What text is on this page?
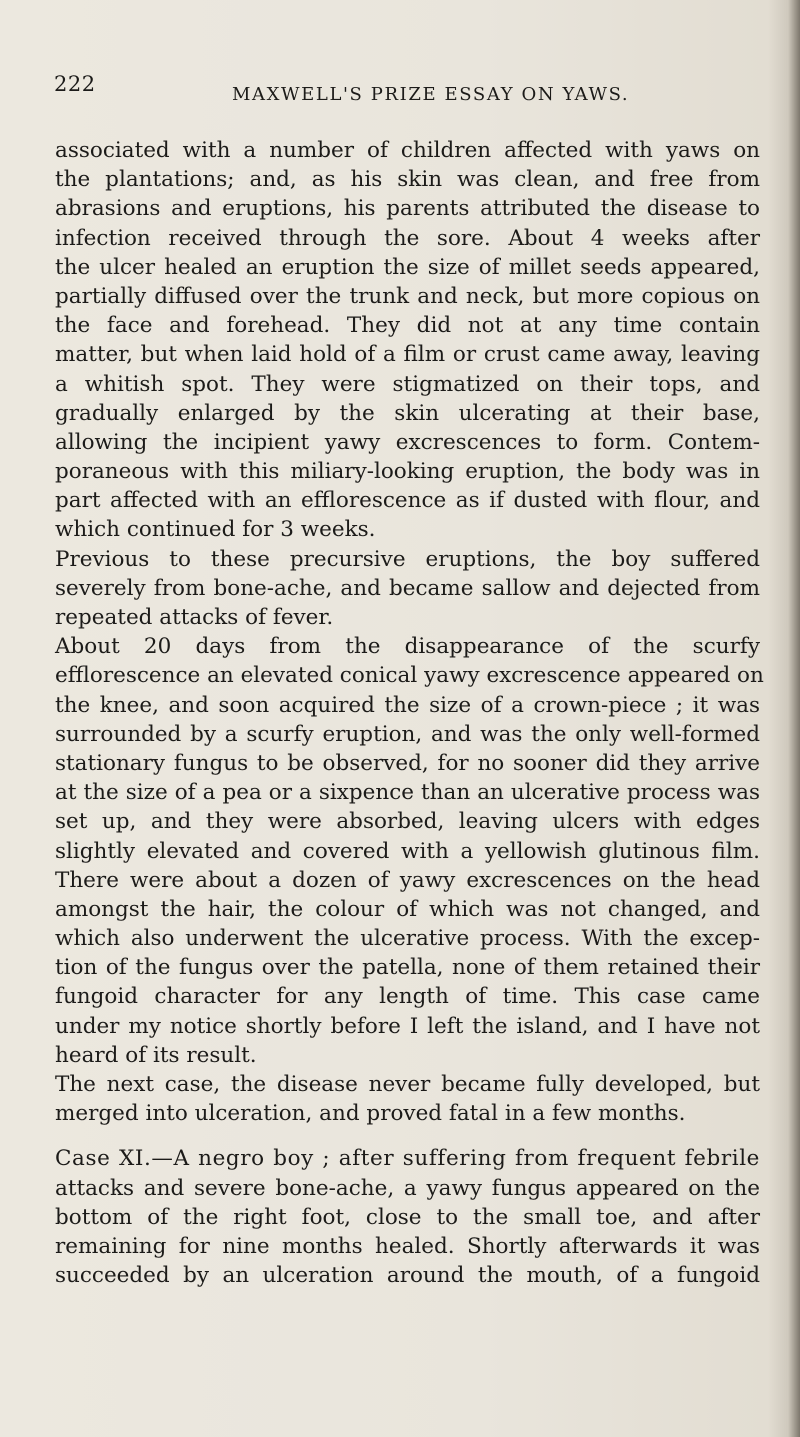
222	MAXWELL'S PRIZE ESSAY ON YAWS.
associated with a number of children affected with yaws on
the plantations; and, as his skin was clean, and free from
abrasions and eruptions, his parents attributed the disease to
infection received through the sore. About 4 weeks after
the ulcer healed an eruption the size of millet seeds appeared,
partially diffused over the trunk and neck, but more copious on
the face and forehead. They did not at any time contain
matter, but when laid hold of a film or crust came away, leaving
a whitish spot. They were stigmatized on their tops, and
gradually enlarged by the skin ulcerating at their base,
allowing the incipient yawy excrescences to form. Contem-
poraneous with this miliary-looking eruption, the body was in
part affected with an efflorescence as if dusted with flour, and
which continued for 3 weeks.
Previous to these precursive eruptions, the boy suffered
severely from bone-ache, and became sallow and dejected from
repeated attacks of fever.
About 20 days from the disappearance of the scurfy
efflorescence an elevated conical yawy excrescence appeared on
the knee, and soon acquired the size of a crown-piece ; it was
surrounded by a scurfy eruption, and was the only well-formed
stationary fungus to be observed, for no sooner did they arrive
at the size of a pea or a sixpence than an ulcerative process was
set up, and they were absorbed, leaving ulcers with edges
slightly elevated and covered with a yellowish glutinous film.
There were about a dozen of yawy excrescences on the head
amongst the hair, the colour of which was not changed, and
which also underwent the ulcerative process. With the excep-
tion of the fungus over the patella, none of them retained their
fungoid character for any length of time. This case came
under my notice shortly before I left the island, and I have not
heard of its result.
The next case, the disease never became fully developed, but
merged into ulceration, and proved fatal in a few months.
Case XI.—A negro boy ; after suffering from frequent febrile
attacks and severe bone-ache, a yawy fungus appeared on the
bottom of the right foot, close to the small toe, and after
remaining for nine months healed. Shortly afterwards it was
succeeded by an ulceration around the mouth, of a fungoid
